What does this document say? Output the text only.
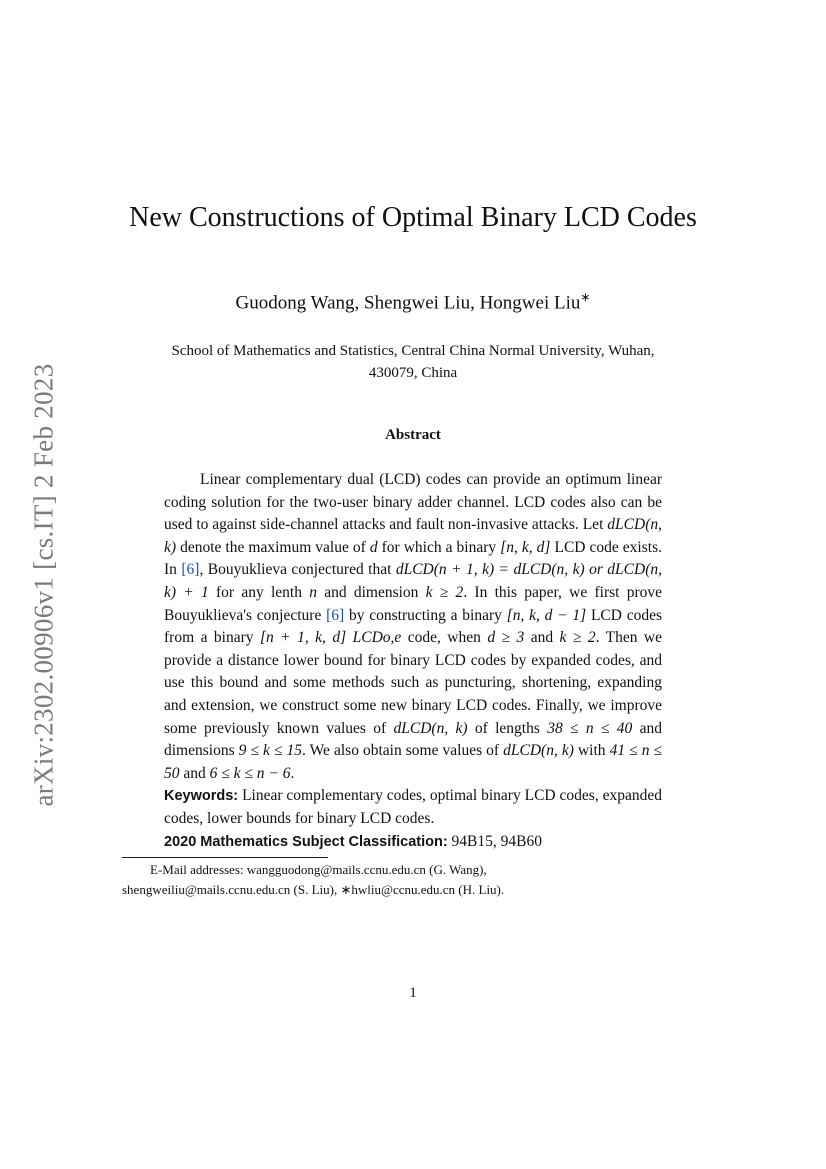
arXiv:2302.00906v1 [cs.IT] 2 Feb 2023
New Constructions of Optimal Binary LCD Codes
Guodong Wang, Shengwei Liu, Hongwei Liu∗
School of Mathematics and Statistics, Central China Normal University, Wuhan,
430079, China
Abstract

Linear complementary dual (LCD) codes can provide an optimum linear coding solution for the two-user binary adder channel. LCD codes also can be used to against side-channel attacks and fault non-invasive attacks. Let dLCD(n, k) denote the maximum value of d for which a binary [n, k, d] LCD code exists. In [6], Bouyuklieva conjectured that dLCD(n + 1, k) = dLCD(n, k) or dLCD(n, k) + 1 for any lenth n and dimension k ≥ 2. In this paper, we first prove Bouyuklieva's conjecture [6] by constructing a binary [n, k, d − 1] LCD codes from a binary [n + 1, k, d] LCDo,e code, when d ≥ 3 and k ≥ 2. Then we provide a distance lower bound for binary LCD codes by expanded codes, and use this bound and some methods such as puncturing, shortening, expanding and extension, we construct some new binary LCD codes. Finally, we improve some previously known values of dLCD(n, k) of lengths 38 ≤ n ≤ 40 and dimensions 9 ≤ k ≤ 15. We also obtain some values of dLCD(n, k) with 41 ≤ n ≤ 50 and 6 ≤ k ≤ n − 6.

Keywords: Linear complementary codes, optimal binary LCD codes, expanded codes, lower bounds for binary LCD codes.

2020 Mathematics Subject Classification: 94B15, 94B60

E-Mail addresses: wangguodong@mails.ccnu.edu.cn (G. Wang),
shengweiliu@mails.ccnu.edu.cn (S. Liu), ∗hwliu@ccnu.edu.cn (H. Liu).
1
